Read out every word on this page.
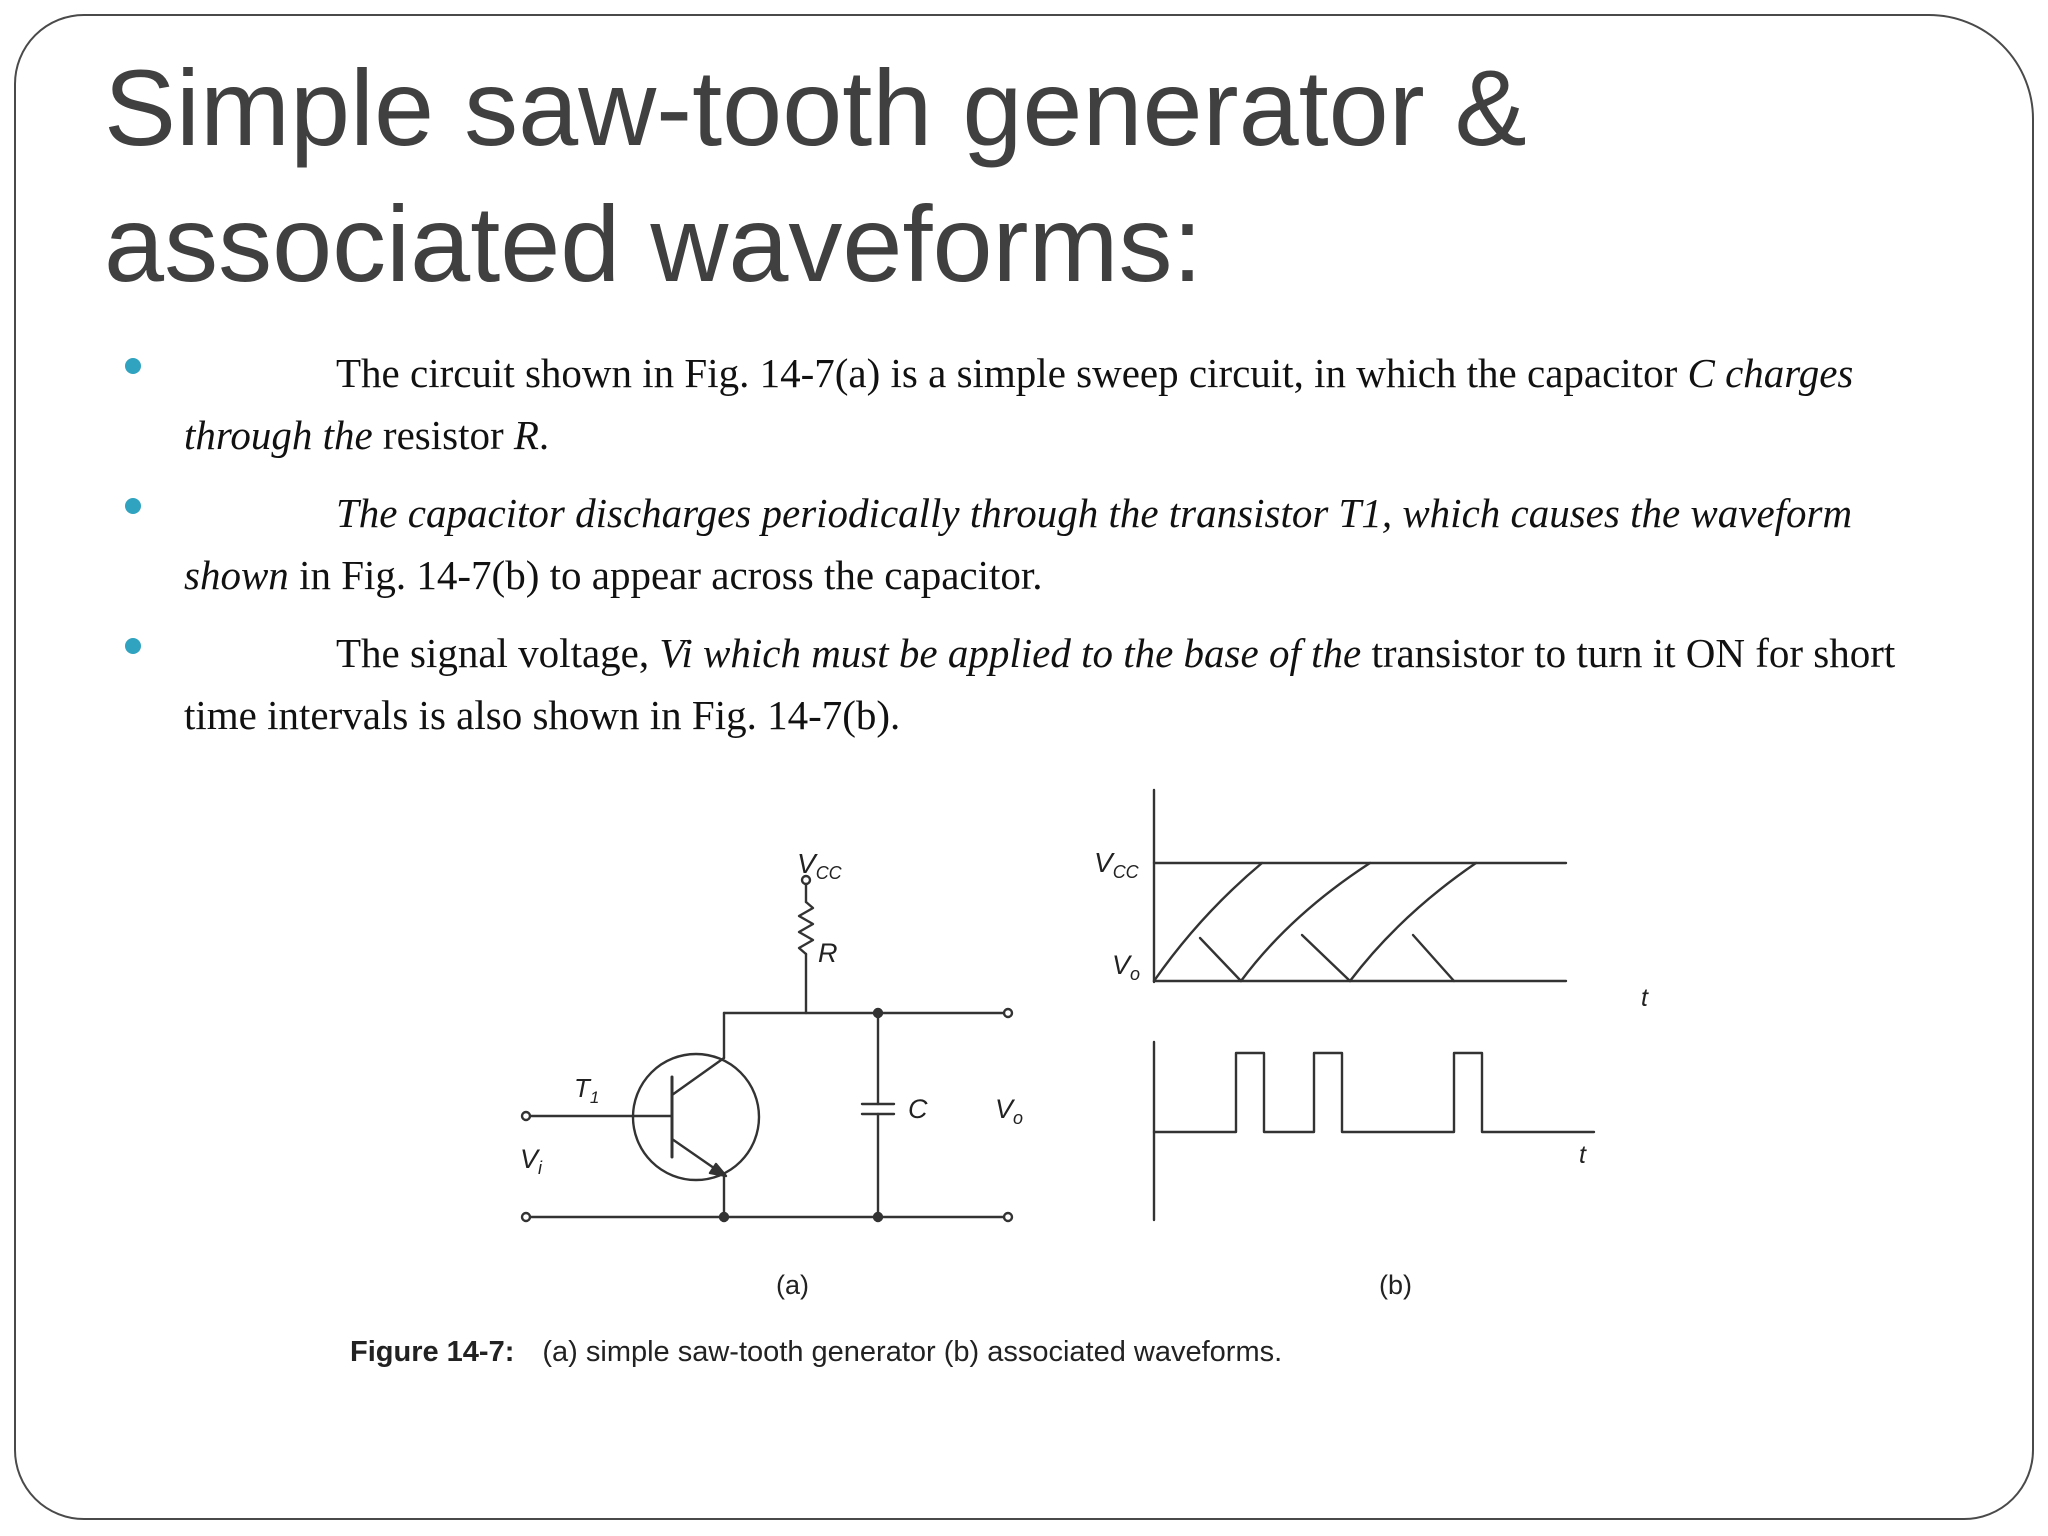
Simple saw-tooth generator &
associated waveforms:
The circuit shown in Fig. 14-7(a) is a simple sweep circuit, in which the capacitor C charges through the resistor R.
The capacitor discharges periodically through the transistor T1, which causes the waveform shown in Fig. 14-7(b) to appear across the capacitor.
The signal voltage, Vi which must be applied to the base of the transistor to turn it ON for short time intervals is also shown in Fig. 14-7(b).
$V_{CC}$
R
$T_1$	C	$V_o$
$V_i$
(a)
$V_{CC}$
$V_o$
t
t
(b)
Figure 14-7: (a) simple saw-tooth generator (b) associated waveforms.
